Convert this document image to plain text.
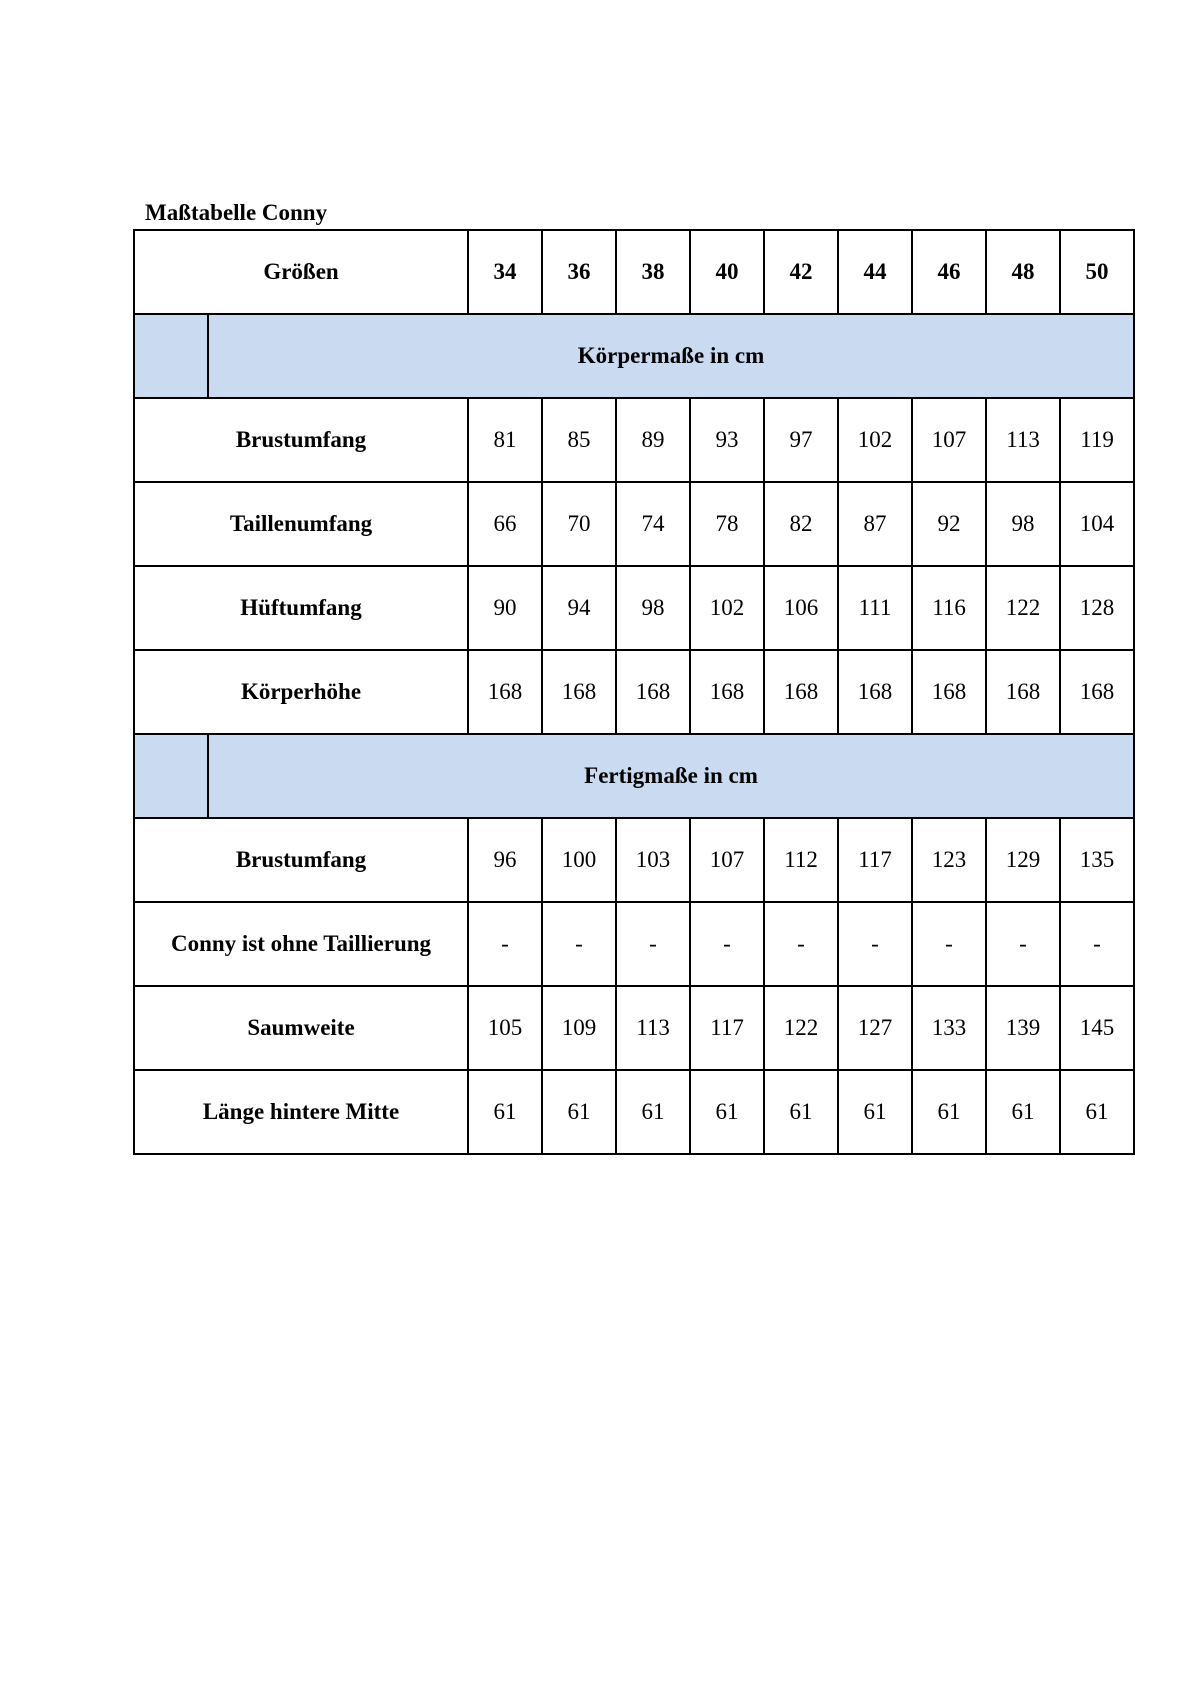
Maßtabelle Conny
Größen		34	36	38	40	42	44	46	48	50
	Körpermaße in cm									
Brustumfang		81	85	89	93	97	102	107	113	119
Taillenumfang		66	70	74	78	82	87	92	98	104
Hüftumfang		90	94	98	102	106	111	116	122	128
Körperhöhe		168	168	168	168	168	168	168	168	168
	Fertigmaße in cm									
Brustumfang		96	100	103	107	112	117	123	129	135
Conny ist ohne Taillierung		-	-	-	-	-	-	-	-	-
Saumweite		105	109	113	117	122	127	133	139	145
Länge hintere Mitte		61	61	61	61	61	61	61	61	61
